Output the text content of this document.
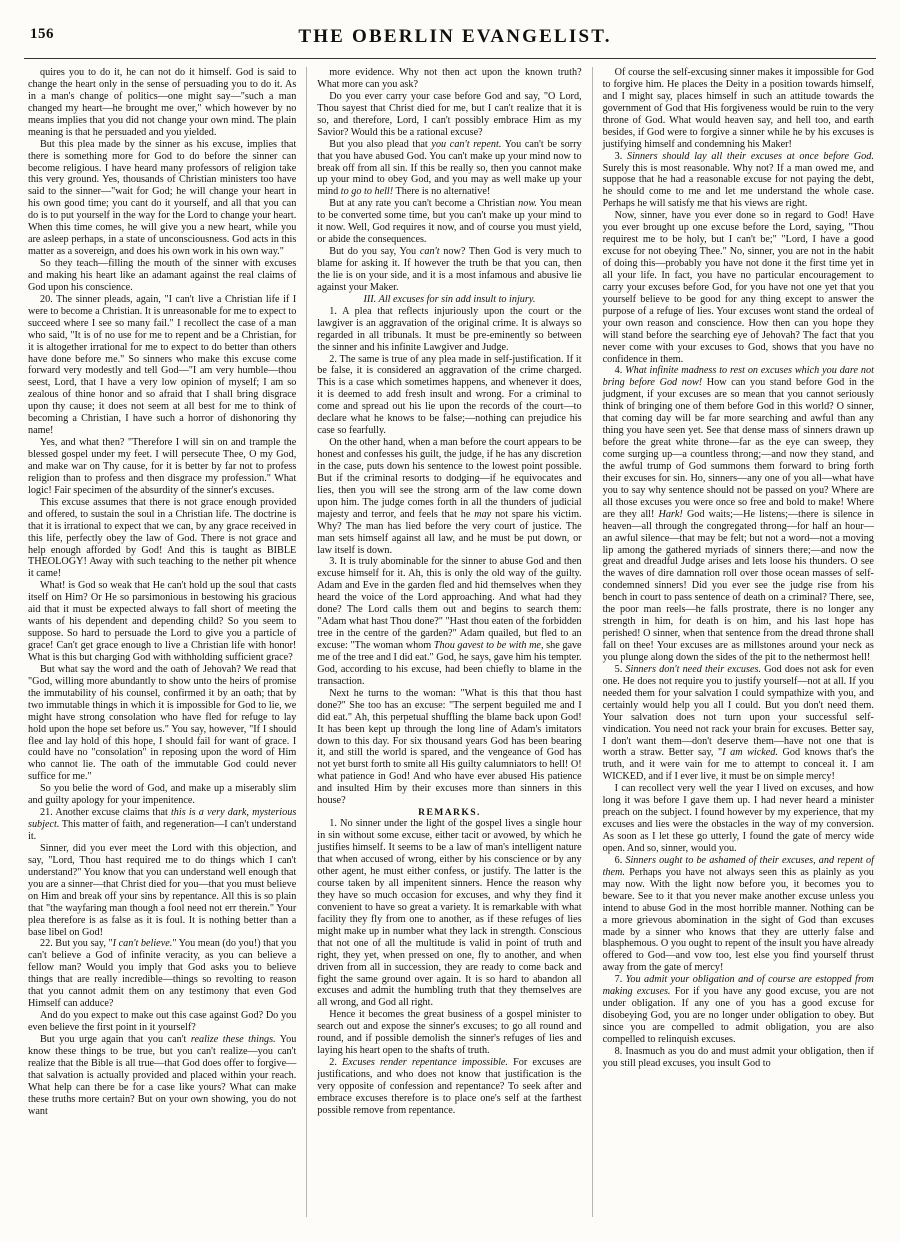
156	THE OBERLIN EVANGELIST.

quires you to do it, he can not do it himself. God is said to change the heart only in the sense of persuading you to do it. As in a man's change of politics—one might say—"such a man changed my heart—he brought me over," which however by no means implies that you did not change your own mind. The plain meaning is that he persuaded and you yielded.

But this plea made by the sinner as his excuse, implies that there is something more for God to do before the sinner can become religious. I have heard many professors of religion take this very ground. Yes, thousands of Christian ministers too have said to the sinner—"wait for God; he will change your heart in his own good time; you cant do it yourself, and all that you can do is to put yourself in the way for the Lord to change your heart. When this time comes, he will give you a new heart, while you are asleep perhaps, in a state of unconsciousness. God acts in this matter as a sovereign, and does his own work in his own way."

So they teach—filling the mouth of the sinner with excuses and making his heart like an adamant against the real claims of God upon his conscience.

20. The sinner pleads, again, "I can't live a Christian life if I were to become a Christian. It is unreasonable for me to expect to succeed where I see so many fail." I recollect the case of a man who said, "It is of no use for me to repent and be a Christian, for it is altogether irrational for me to expect to do better than others have done before me." So sinners who make this excuse come forward very modestly and tell God—"I am very humble—thou seest, Lord, that I have a very low opinion of myself; I am so zealous of thine honor and so afraid that I shall bring disgrace upon thy cause; it does not seem at all best for me to think of becoming a Christian, I have such a horror of dishonoring thy name!

Yes, and what then? "Therefore I will sin on and trample the blessed gospel under my feet. I will persecute Thee, O my God, and make war on Thy cause, for it is better by far not to profess religion than to profess and then disgrace my profession." What logic! Fair specimen of the absurdity of the sinner's excuses.

This excuse assumes that there is not grace enough provided and offered, to sustain the soul in a Christian life. The doctrine is that it is irrational to expect that we can, by any grace received in this life, perfectly obey the law of God. There is not grace and help enough afforded by God! And this is taught as BIBLE THEOLOGY! Away with such teaching to the nether pit whence it came!

What! is God so weak that He can't hold up the soul that casts itself on Him? Or He so parsimonious in bestowing his gracious aid that it must be expected always to fall short of meeting the wants of his dependent and depending child? So you seem to suppose. So hard to persuade the Lord to give you a particle of grace! Can't get grace enough to live a Christian life with honor! What is this but charging God with withholding sufficient grace?

But what say the word and the oath of Jehovah? We read that "God, willing more abundantly to show unto the heirs of promise the immutability of his counsel, confirmed it by an oath; that by two immutable things in which it is impossible for God to lie, we might have strong consolation who have fled for refuge to lay hold upon the hope set before us." You say, however, "If I should flee and lay hold of this hope, I should fail for want of grace. I could have no "consolation" in reposing upon the word of Him who cannot lie. The oath of the immutable God could never suffice for me."

So you belie the word of God, and make up a miserably slim and guilty apology for your impenitence.

21. Another excuse claims that this is a very dark, mysterious subject. This matter of faith, and regeneration—I can't understand it.

Sinner, did you ever meet the Lord with this objection, and say, "Lord, Thou hast required me to do things which I can't understand?" You know that you can understand well enough that you are a sinner—that Christ died for you—that you must believe on Him and break off your sins by repentance. All this is so plain that "the wayfaring man though a fool need not err therein." Your plea therefore is as false as it is foul. It is nothing better than a base libel on God!

22. But you say, "I can't believe." You mean (do you!) that you can't believe a God of infinite veracity, as you can believe a fellow man? Would you imply that God asks you to believe things that are really incredible—things so revolting to reason that you cannot admit them on any testimony that even God Himself can adduce?

And do you expect to make out this case against God? Do you even believe the first point in it yourself?

But you urge again that you can't realize these things. You know these things to be true, but you can't realize—you can't realize that the Bible is all true—that God does offer to forgive—that salvation is actually provided and placed within your reach. What help can there be for a case like yours? What can make these truths more certain? But on your own showing, you do not want

more evidence. Why not then act upon the known truth? What more can you ask?

Do you ever carry your case before God and say, "O Lord, Thou sayest that Christ died for me, but I can't realize that it is so, and therefore, Lord, I can't possibly embrace Him as my Savior? Would this be a rational excuse?

But you also plead that you can't repent. You can't be sorry that you have abused God. You can't make up your mind now to break off from all sin. If this be really so, then you cannot make up your mind to obey God, and you may as well make up your mind to go to hell! There is no alternative!

But at any rate you can't become a Christian now. You mean to be converted some time, but you can't make up your mind to it now. Well, God requires it now, and of course you must yield, or abide the consequences.

But do you say, You can't now? Then God is very much to blame for asking it. If however the truth be that you can, then the lie is on your side, and it is a most infamous and abusive lie against your Maker.

III. All excuses for sin add insult to injury.

1. A plea that reflects injuriously upon the court or the lawgiver is an aggravation of the original crime. It is always so regarded in all tribunals. It must be pre-eminently so between the sinner and his infinite Lawgiver and Judge.

2. The same is true of any plea made in self-justification. If it be false, it is considered an aggravation of the crime charged. This is a case which sometimes happens, and whenever it does, it is deemed to add fresh insult and wrong. For a criminal to come and spread out his lie upon the records of the court—to declare what he knows to be false;—nothing can prejudice his case so fearfully.

On the other hand, when a man before the court appears to be honest and confesses his guilt, the judge, if he has any discretion in the case, puts down his sentence to the lowest point possible. But if the criminal resorts to dodging—if he equivocates and lies, then you will see the strong arm of the law come down upon him. The judge comes forth in all the thunders of judicial majesty and terror, and feels that he may not spare his victim. Why? The man has lied before the very court of justice. The man sets himself against all law, and he must be put down, or law itself is down.

3. It is truly abominable for the sinner to abuse God and then excuse himself for it. Ah, this is only the old way of the guilty. Adam and Eve in the garden fled and hid themselves when they heard the voice of the Lord approaching. And what had they done? The Lord calls them out and begins to search them: "Adam what hast Thou done?" "Hast thou eaten of the forbidden tree in the centre of the garden?" Adam quailed, but fled to an excuse: "The woman whom Thou gavest to be with me, she gave me of the tree and I did eat." God, he says, gave him his tempter. God, according to his excuse, had been chiefly to blame in the transaction.

Next he turns to the woman: "What is this that thou hast done?" She too has an excuse: "The serpent beguiled me and I did eat." Ah, this perpetual shuffling the blame back upon God! It has been kept up through the long line of Adam's imitators down to this day. For six thousand years God has been bearing it, and still the world is spared, and the vengeance of God has not yet burst forth to smite all His guilty calumniators to hell! O! what patience in God! And who have ever abused His patience and insulted Him by their excuses more than sinners in this house?

REMARKS.

1. No sinner under the light of the gospel lives a single hour in sin without some excuse, either tacit or avowed, by which he justifies himself. It seems to be a law of man's intelligent nature that when accused of wrong, either by his conscience or by any other agent, he must either confess, or justify. The latter is the course taken by all impenitent sinners. Hence the reason why they have so much occasion for excuses, and why they find it convenient to have so great a variety. It is remarkable with what facility they fly from one to another, as if these refuges of lies might make up in number what they lack in strength. Conscious that not one of all the multitude is valid in point of truth and right, they yet, when pressed on one, fly to another, and when driven from all in succession, they are ready to come back and fight the same ground over again. It is so hard to abandon all excuses and admit the humbling truth that they themselves are all wrong, and God all right.

Hence it becomes the great business of a gospel minister to search out and expose the sinner's excuses; to go all round and round, and if possible demolish the sinner's refuges of lies and laying his heart open to the shafts of truth.

2. Excuses render repentance impossible. For excuses are justifications, and who does not know that justification is the very opposite of confession and repentance? To seek after and embrace excuses therefore is to place one's self at the farthest possible remove from repentance.

Of course the self-excusing sinner makes it impossible for God to forgive him. He places the Deity in a position towards himself, and I might say, places himself in such an attitude towards the government of God that His forgiveness would be ruin to the very throne of God. What would heaven say, and hell too, and earth besides, if God were to forgive a sinner while he by his excuses is justifying himself and condemning his Maker!

3. Sinners should lay all their excuses at once before God. Surely this is most reasonable. Why not? If a man owed me, and suppose that he had a reasonable excuse for not paying the debt, he should come to me and let me understand the whole case. Perhaps he will satisfy me that his views are right.

Now, sinner, have you ever done so in regard to God! Have you ever brought up one excuse before the Lord, saying, "Thou requirest me to be holy, but I can't be;" "Lord, I have a good excuse for not obeying Thee." No, sinner, you are not in the habit of doing this—probably you have not done it the first time yet in all your life. In fact, you have no particular encouragement to carry your excuses before God, for you have not one yet that you yourself believe to be good for any thing except to answer the purpose of a refuge of lies. Your excuses wont stand the ordeal of your own reason and conscience. How then can you hope they will stand before the searching eye of Jehovah? The fact that you never come with your excuses to God, shows that you have no confidence in them.

4. What infinite madness to rest on excuses which you dare not bring before God now! How can you stand before God in the judgment, if your excuses are so mean that you cannot seriously think of bringing one of them before God in this world? O sinner, that coming day will be far more searching and awful than any thing you have seen yet. See that dense mass of sinners drawn up before the great white throne—far as the eye can sweep, they come surging up—a countless throng;—and now they stand, and the awful trump of God summons them forward to bring forth their excuses for sin. Ho, sinners—any one of you all—what have you to say why sentence should not be passed on you? Where are all those excuses you were once so free and bold to make! Where are they all! Hark! God waits;—He listens;—there is silence in heaven—all through the congregated throng—for half an hour—an awful silence—that may be felt; but not a word—not a moving lip among the gathered myriads of sinners there;—and now the great and dreadful Judge arises and lets loose his thunders. O see the waves of dire damnation roll over those ocean masses of self-condemned sinners! Did you ever see the judge rise from his bench in court to pass sentence of death on a criminal? There, see, the poor man reels—he falls prostrate, there is no longer any strength in him, for death is on him, and his last hope has perished! O sinner, when that sentence from the dread throne shall fall on thee! Your excuses are as millstones around your neck as you plunge along down the sides of the pit to the nethermost hell!

5. Sinners don't need their excuses. God does not ask for even one. He does not require you to justify yourself—not at all. If you needed them for your salvation I could sympathize with you, and certainly would help you all I could. But you don't need them. Your salvation does not turn upon your successful self-vindication. You need not rack your brain for excuses. Better say, I don't want them—don't deserve them—have not one that is worth a straw. Better say, "I am wicked. God knows that's the truth, and it were vain for me to attempt to conceal it. I am WICKED, and if I ever live, it must be on simple mercy!

I can recollect very well the year I lived on excuses, and how long it was before I gave them up. I had never heard a minister preach on the subject. I found however by my experience, that my excuses and lies were the obstacles in the way of my conversion. As soon as I let these go utterly, I found the gate of mercy wide open. And so, sinner, would you.

6. Sinners ought to be ashamed of their excuses, and repent of them. Perhaps you have not always seen this as plainly as you may now. With the light now before you, it becomes you to beware. See to it that you never make another excuse unless you intend to abuse God in the most horrible manner. Nothing can be a more grievous abomination in the sight of God than excuses made by a sinner who knows that they are utterly false and blasphemous. O you ought to repent of the insult you have already offered to God—and vow too, lest else you find yourself thrust away from the gate of mercy!

7. You admit your obligation and of course are estopped from making excuses. For if you have any good excuse, you are not under obligation. If any one of you has a good excuse for disobeying God, you are no longer under obligation to obey. But since you are compelled to admit obligation, you are also compelled to relinquish excuses.

8. Inasmuch as you do and must admit your obligation, then if you still plead excuses, you insult God to
